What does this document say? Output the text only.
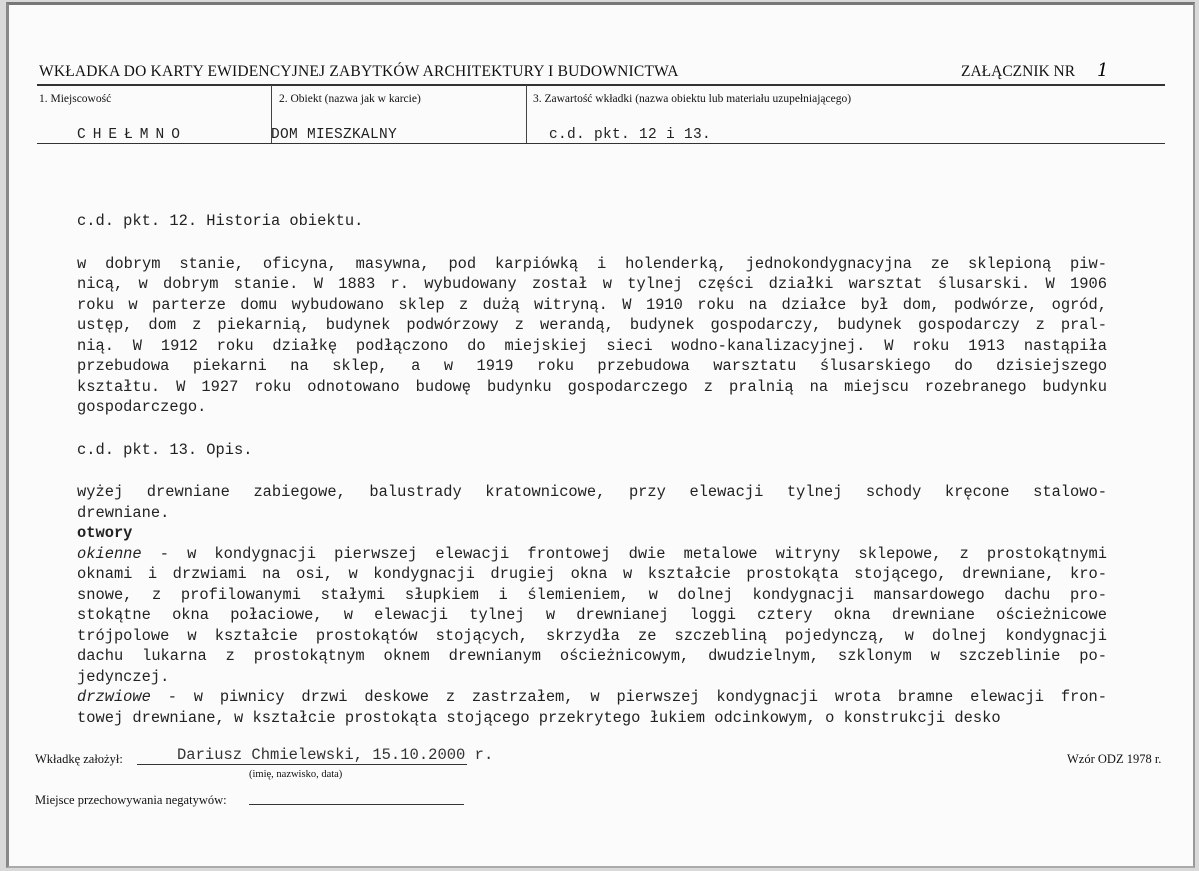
WKŁADKA DO KARTY EWIDENCYJNEJ ZABYTKÓW ARCHITEKTURY I BUDOWNICTWA	ZAŁĄCZNIK NR 1
1. Miejscowość	2. Obiekt (nazwa jak w karcie)	3. Zawartość wkładki (nazwa obiektu lub materiału uzupełniającego)
CHEŁMNO	DOM MIESZKALNY	c.d. pkt. 12 i 13.
c.d. pkt. 12. Historia obiektu.
w dobrym stanie, oficyna, masywna, pod karpiówką i holenderką, jednokondygnacyjna ze sklepioną piw-
nicą, w dobrym stanie. W 1883 r. wybudowany został w tylnej części działki warsztat ślusarski. W 1906
roku w parterze domu wybudowano sklep z dużą witryną. W 1910 roku na działce był dom, podwórze, ogród,
ustęp, dom z piekarnią, budynek podwórzowy z werandą, budynek gospodarczy, budynek gospodarczy z pral-
nią. W 1912 roku działkę podłączono do miejskiej sieci wodno-kanalizacyjnej. W roku 1913 nastąpiła
przebudowa piekarni na sklep, a w 1919 roku przebudowa warsztatu ślusarskiego do dzisiejszego
kształtu. W 1927 roku odnotowano budowę budynku gospodarczego z pralnią na miejscu rozebranego budynku
gospodarczego.
c.d. pkt. 13. Opis.
wyżej drewniane zabiegowe, balustrady kratownicowe, przy elewacji tylnej schody kręcone stalowo-
drewniane.
otwory
okienne - w kondygnacji pierwszej elewacji frontowej dwie metalowe witryny sklepowe, z prostokątnymi
oknami i drzwiami na osi, w kondygnacji drugiej okna w kształcie prostokąta stojącego, drewniane, kro-
snowe, z profilowanymi stałymi słupkiem i ślemieniem, w dolnej kondygnacji mansardowego dachu pro-
stokątne okna połaciowe, w elewacji tylnej w drewnianej loggi cztery okna drewniane ościeżnicowe
trójpolowe w kształcie prostokątów stojących, skrzydła ze szczebliną pojedynczą, w dolnej kondygnacji
dachu lukarna z prostokątnym oknem drewnianym ościeżnicowym, dwudzielnym, szklonym w szczeblinie po-
jedynczej.
drzwiowe - w piwnicy drzwi deskowe z zastrzałem, w pierwszej kondygnacji wrota bramne elewacji fron-
towej drewniane, w kształcie prostokąta stojącego przekrytego łukiem odcinkowym, o konstrukcji desko
Wkładkę założył:	Dariusz Chmielewski, 15.10.2000 r.
(imię, nazwisko, data)
Wzór ODZ 1978 r.
Miejsce przechowywania negatywów:
